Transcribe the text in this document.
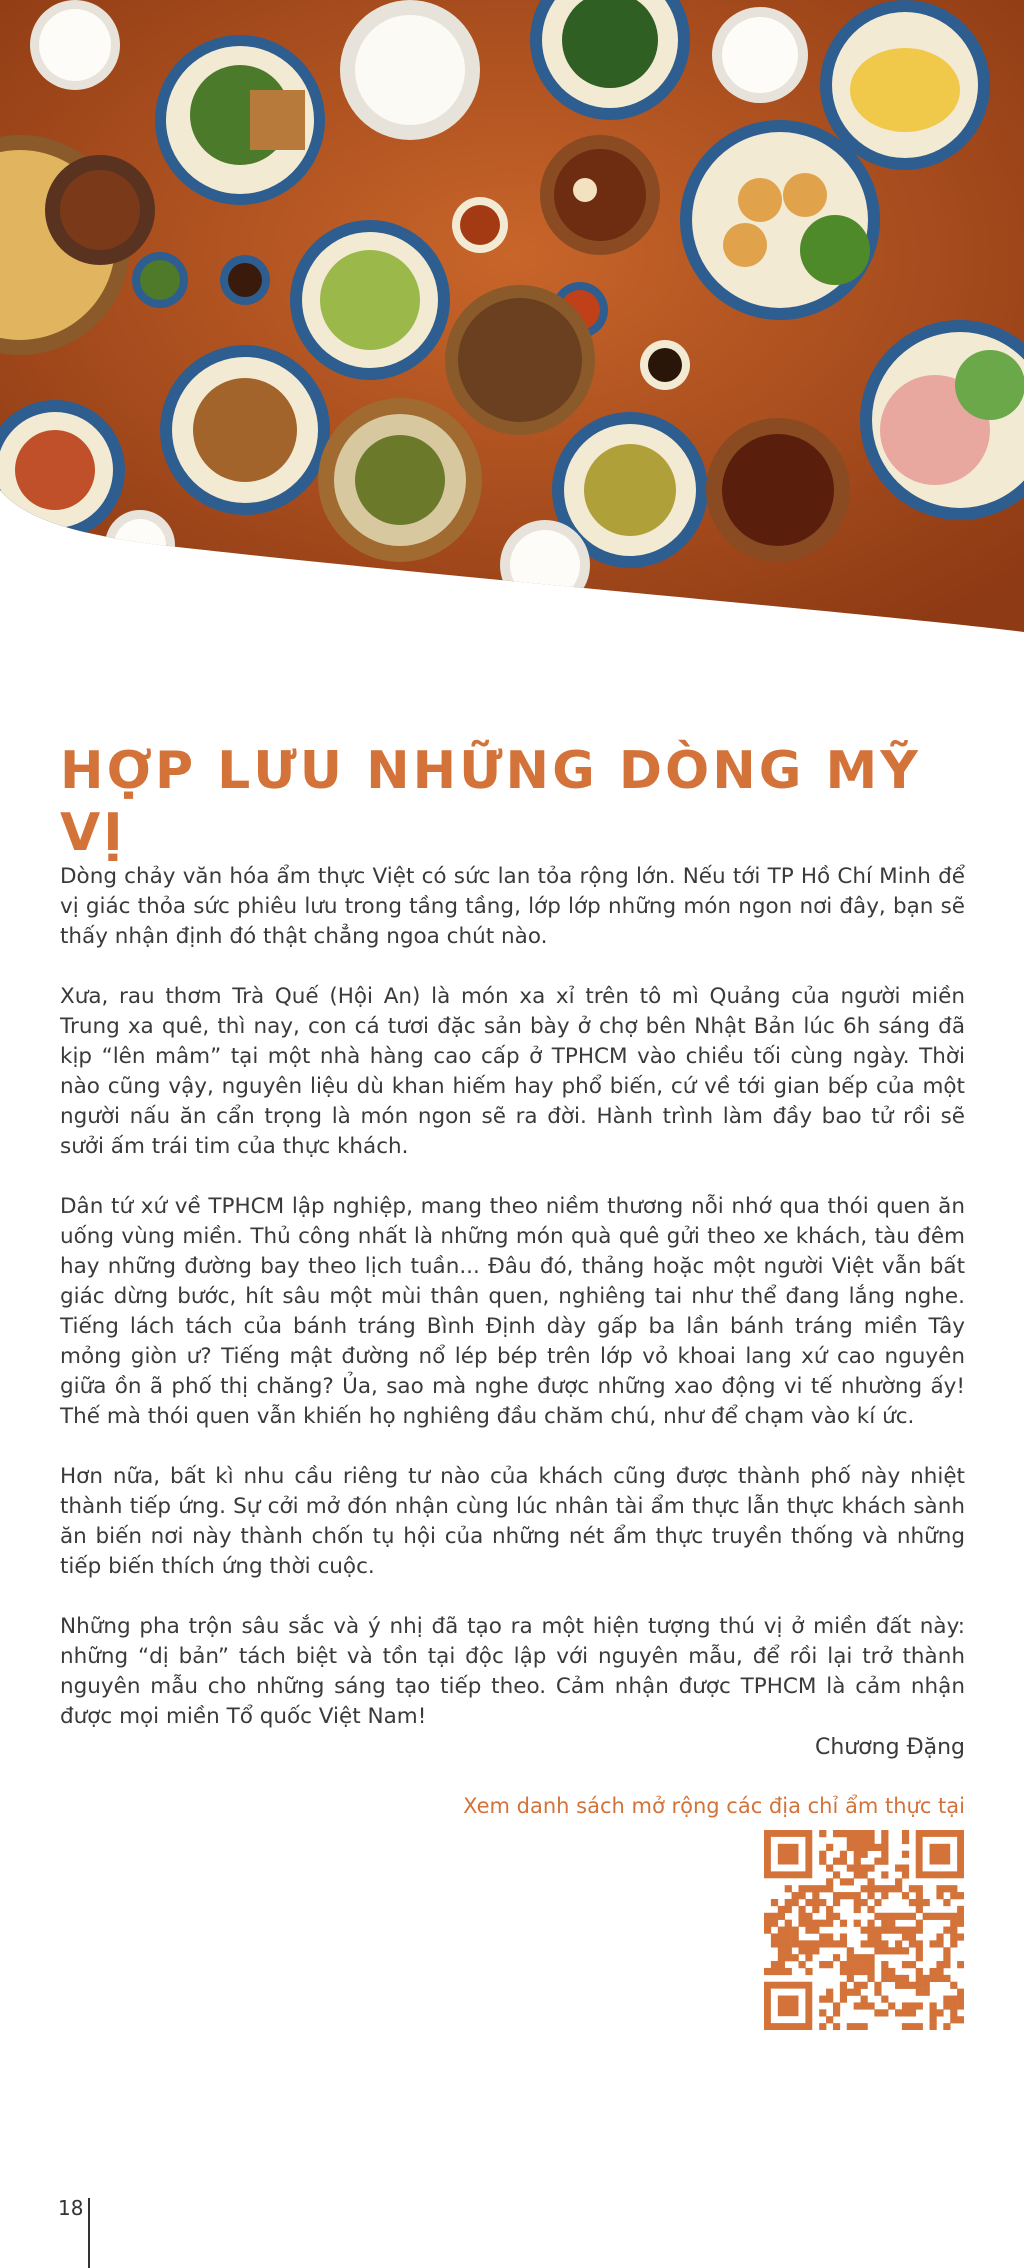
HỢP LƯU NHỮNG DÒNG MỸ VỊ

Dòng chảy văn hóa ẩm thực Việt có sức lan tỏa rộng lớn. Nếu tới TP Hồ Chí Minh để vị giác thỏa sức phiêu lưu trong tầng tầng, lớp lớp những món ngon nơi đây, bạn sẽ thấy nhận định đó thật chẳng ngoa chút nào.

Xưa, rau thơm Trà Quế (Hội An) là món xa xỉ trên tô mì Quảng của người miền Trung xa quê, thì nay, con cá tươi đặc sản bày ở chợ bên Nhật Bản lúc 6h sáng đã kịp “lên mâm” tại một nhà hàng cao cấp ở TPHCM vào chiều tối cùng ngày. Thời nào cũng vậy, nguyên liệu dù khan hiếm hay phổ biến, cứ về tới gian bếp của một người nấu ăn cẩn trọng là món ngon sẽ ra đời. Hành trình làm đầy bao tử rồi sẽ sưởi ấm trái tim của thực khách.

Dân tứ xứ về TPHCM lập nghiệp, mang theo niềm thương nỗi nhớ qua thói quen ăn uống vùng miền. Thủ công nhất là những món quà quê gửi theo xe khách, tàu đêm hay những đường bay theo lịch tuần... Đâu đó, thảng hoặc một người Việt vẫn bất giác dừng bước, hít sâu một mùi thân quen, nghiêng tai như thể đang lắng nghe. Tiếng lách tách của bánh tráng Bình Định dày gấp ba lần bánh tráng miền Tây mỏng giòn ư? Tiếng mật đường nổ lép bép trên lớp vỏ khoai lang xứ cao nguyên giữa ồn ã phố thị chăng? Ủa, sao mà nghe được những xao động vi tế nhường ấy! Thế mà thói quen vẫn khiến họ nghiêng đầu chăm chú, như để chạm vào kí ức.

Hơn nữa, bất kì nhu cầu riêng tư nào của khách cũng được thành phố này nhiệt thành tiếp ứng. Sự cởi mở đón nhận cùng lúc nhân tài ẩm thực lẫn thực khách sành ăn biến nơi này thành chốn tụ hội của những nét ẩm thực truyền thống và những tiếp biến thích ứng thời cuộc.

Những pha trộn sâu sắc và ý nhị đã tạo ra một hiện tượng thú vị ở miền đất này: những “dị bản” tách biệt và tồn tại độc lập với nguyên mẫu, để rồi lại trở thành nguyên mẫu cho những sáng tạo tiếp theo. Cảm nhận được TPHCM là cảm nhận được mọi miền Tổ quốc Việt Nam!

Chương Đặng
Xem danh sách mở rộng các địa chỉ ẩm thực tại
18
